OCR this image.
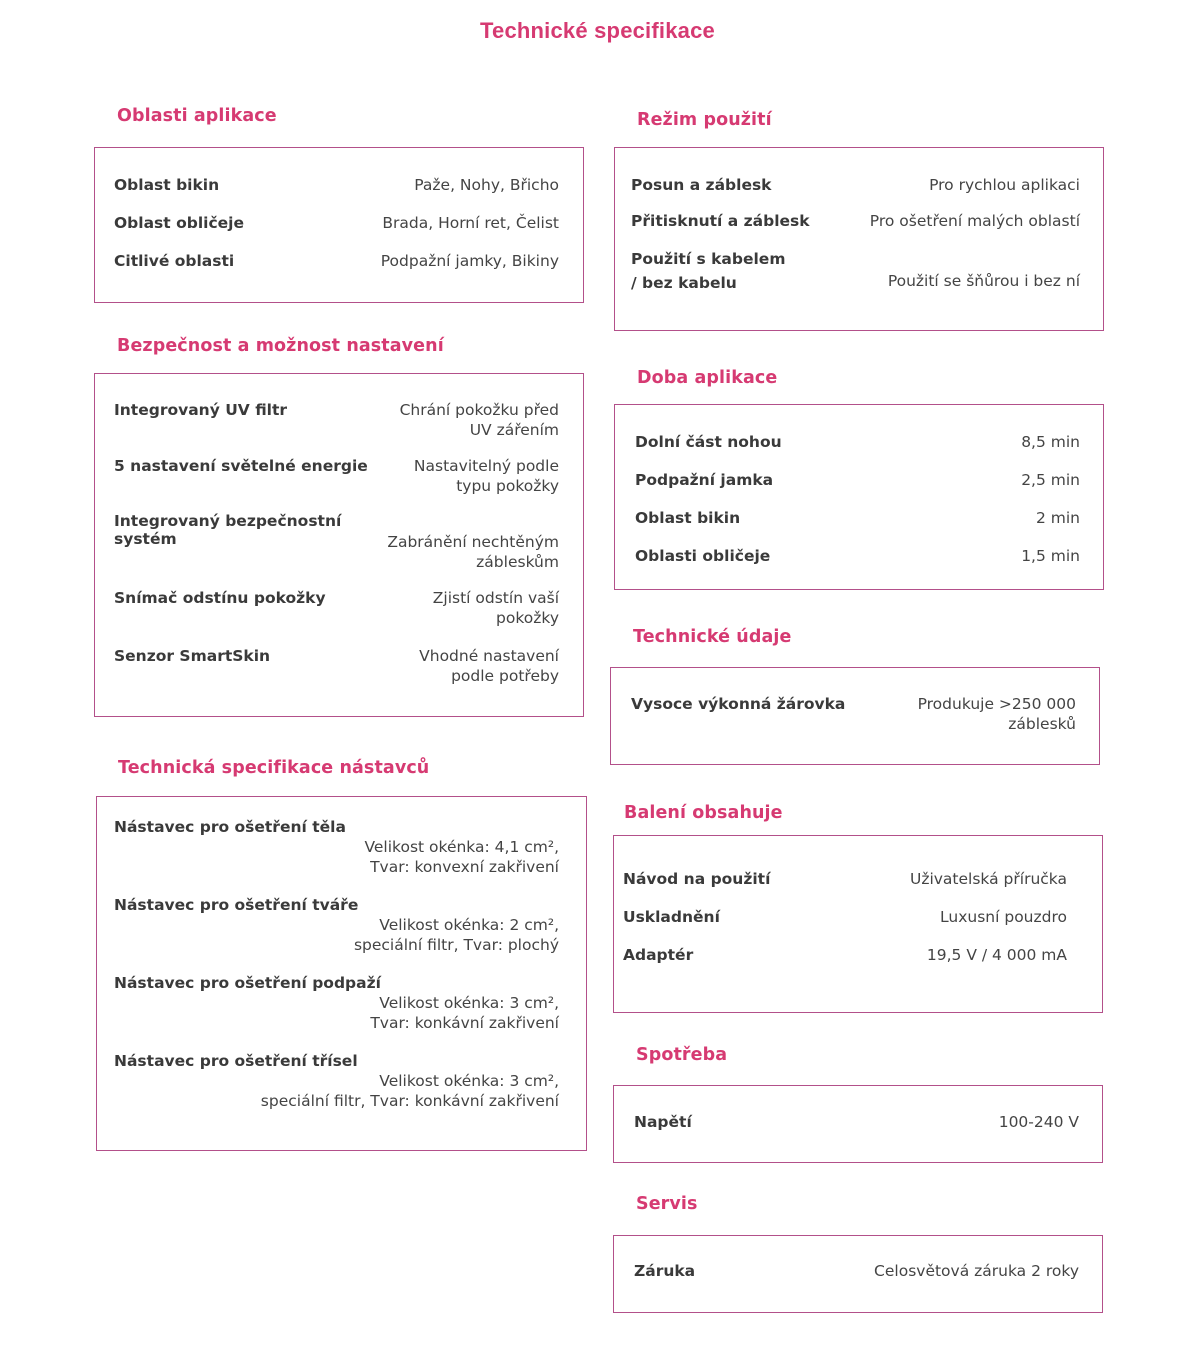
Technické specifikace
Oblasti aplikace
Oblast bikin	Paže, Nohy, Břicho
Oblast obličeje	Brada, Horní ret, Čelist
Citlivé oblasti	Podpažní jamky, Bikiny
Bezpečnost a možnost nastavení
Integrovaný UV filtr	Chrání pokožku před
UV zářením
5 nastavení světelné energie	Nastavitelný podle
typu pokožky
Integrovaný bezpečnostní
systém	Zabránění nechtěným
zábleskům
Snímač odstínu pokožky	Zjistí odstín vaší
pokožky
Senzor SmartSkin	Vhodné nastavení
podle potřeby
Technická specifikace nástavců
Nástavec pro ošetření těla
Velikost okénka: 4,1 cm²,
Tvar: konvexní zakřivení
Nástavec pro ošetření tváře
Velikost okénka: 2 cm²,
speciální filtr, Tvar: plochý
Nástavec pro ošetření podpaží
Velikost okénka: 3 cm²,
Tvar: konkávní zakřivení
Nástavec pro ošetření třísel
Velikost okénka: 3 cm²,
speciální filtr, Tvar: konkávní zakřivení
Režim použití
Posun a záblesk	Pro rychlou aplikaci
Přitisknutí a záblesk	Pro ošetření malých oblastí
Použití s kabelem
/ bez kabelu	Použití se šňůrou i bez ní
Doba aplikace
Dolní část nohou	8,5 min
Podpažní jamka	2,5 min
Oblast bikin	2 min
Oblasti obličeje	1,5 min
Technické údaje
Vysoce výkonná žárovka	Produkuje >250 000
záblesků
Balení obsahuje
Návod na použití	Uživatelská příručka
Uskladnění	Luxusní pouzdro
Adaptér	19,5 V / 4 000 mA
Spotřeba
Napětí	100-240 V
Servis
Záruka	Celosvětová záruka 2 roky
